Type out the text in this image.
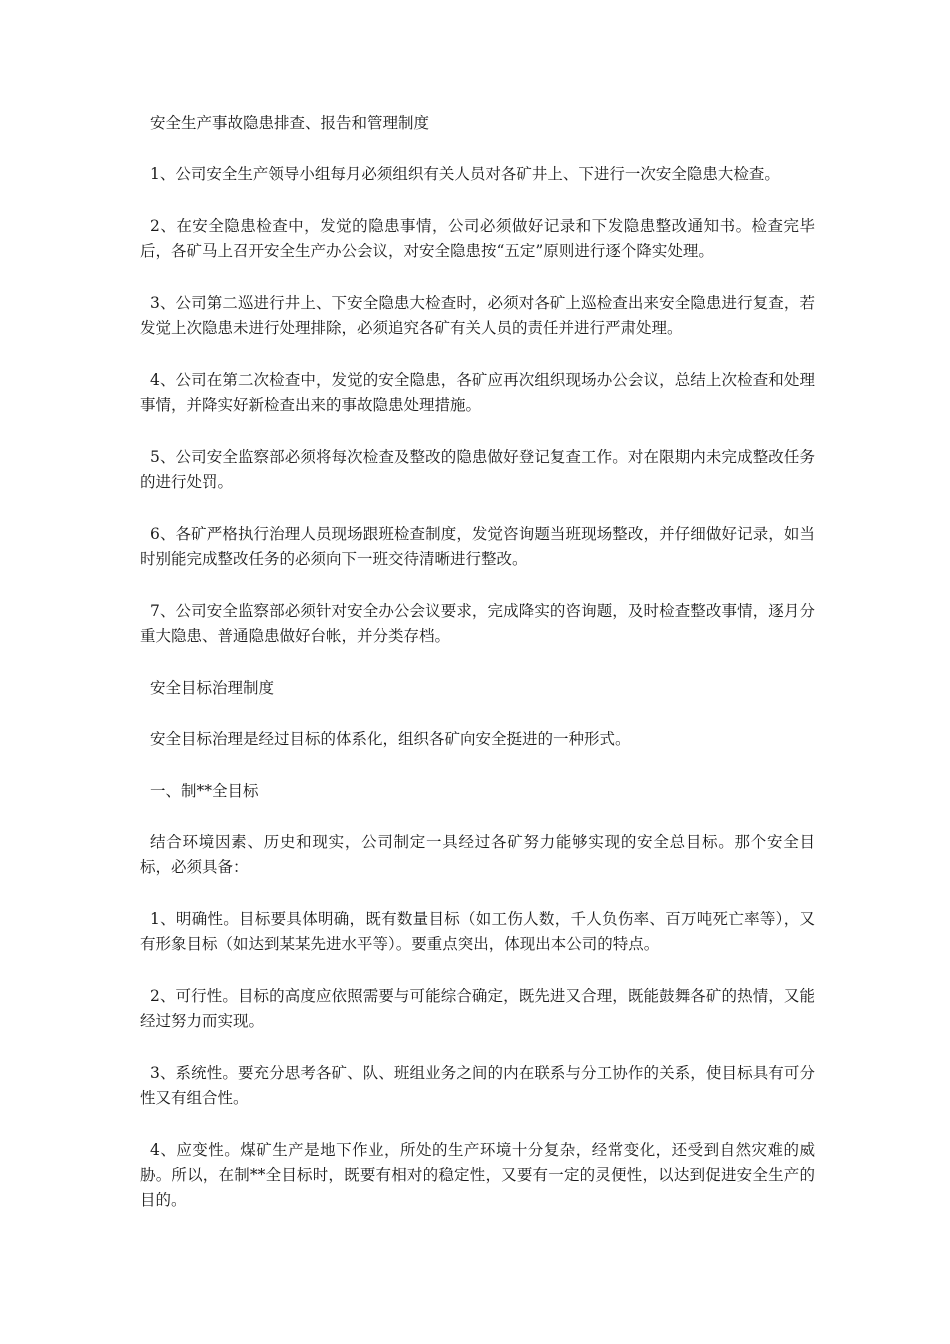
安全生产事故隐患排查、报告和管理制度

1、公司安全生产领导小组每月必须组织有关人员对各矿井上、下进行一次安全隐患大检查。

2、在安全隐患检查中，发觉的隐患事情，公司必须做好记录和下发隐患整改通知书。检查完毕后，各矿马上召开安全生产办公会议，对安全隐患按“五定”原则进行逐个降实处理。

3、公司第二巡进行井上、下安全隐患大检查时，必须对各矿上巡检查出来安全隐患进行复查，若发觉上次隐患未进行处理排除，必须追究各矿有关人员的责任并进行严肃处理。

4、公司在第二次检查中，发觉的安全隐患，各矿应再次组织现场办公会议，总结上次检查和处理事情，并降实好新检查出来的事故隐患处理措施。

5、公司安全监察部必须将每次检查及整改的隐患做好登记复查工作。对在限期内未完成整改任务的进行处罚。

6、各矿严格执行治理人员现场跟班检查制度，发觉咨询题当班现场整改，并仔细做好记录，如当时别能完成整改任务的必须向下一班交待清晰进行整改。

7、公司安全监察部必须针对安全办公会议要求，完成降实的咨询题，及时检查整改事情，逐月分重大隐患、普通隐患做好台帐，并分类存档。

安全目标治理制度

安全目标治理是经过目标的体系化，组织各矿向安全挺进的一种形式。

一、制**全目标

结合环境因素、历史和现实，公司制定一具经过各矿努力能够实现的安全总目标。那个安全目标，必须具备：

1、明确性。目标要具体明确，既有数量目标（如工伤人数，千人负伤率、百万吨死亡率等），又有形象目标（如达到某某先进水平等）。要重点突出，体现出本公司的特点。

2、可行性。目标的高度应依照需要与可能综合确定，既先进又合理，既能鼓舞各矿的热情，又能经过努力而实现。

3、系统性。要充分思考各矿、队、班组业务之间的内在联系与分工协作的关系，使目标具有可分性又有组合性。

4、应变性。煤矿生产是地下作业，所处的生产环境十分复杂，经常变化，还受到自然灾难的威胁。所以，在制**全目标时，既要有相对的稳定性，又要有一定的灵便性，以达到促进安全生产的目的。
